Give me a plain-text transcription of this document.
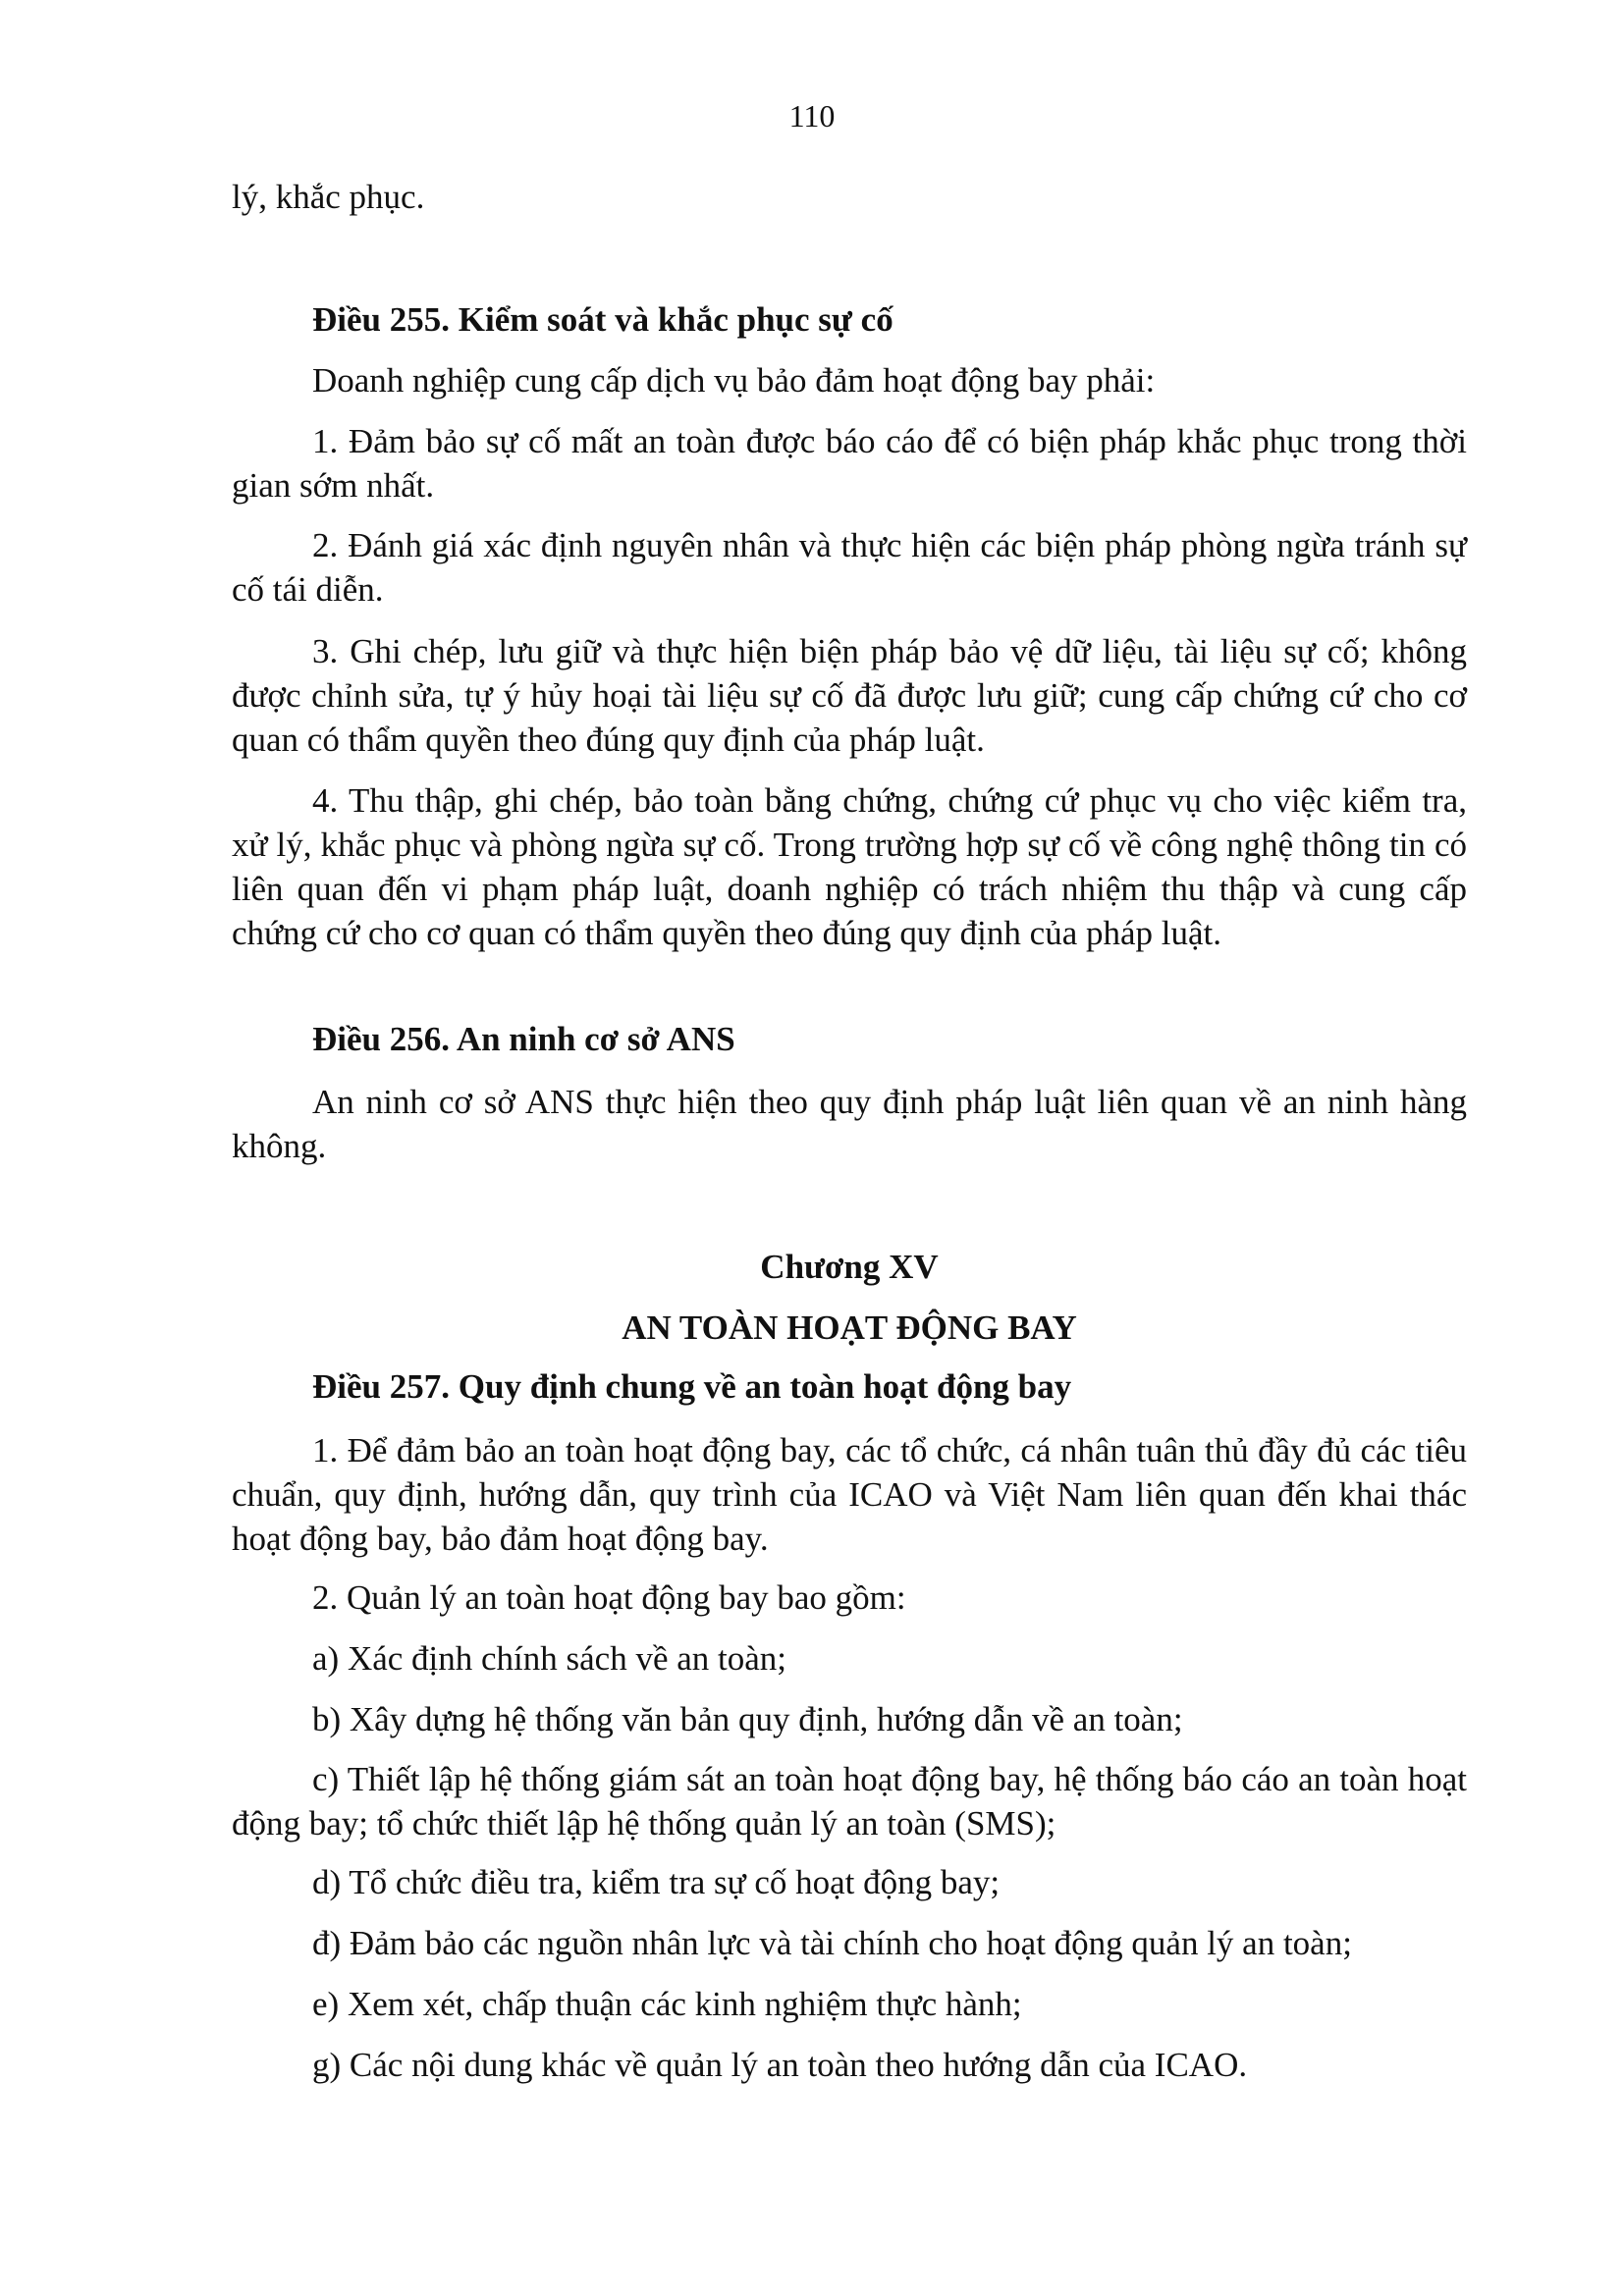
110

lý, khắc phục.

Điều 255. Kiểm soát và khắc phục sự cố

Doanh nghiệp cung cấp dịch vụ bảo đảm hoạt động bay phải:

1. Đảm bảo sự cố mất an toàn được báo cáo để có biện pháp khắc phục trong thời gian sớm nhất.

2. Đánh giá xác định nguyên nhân và thực hiện các biện pháp phòng ngừa tránh sự cố tái diễn.

3. Ghi chép, lưu giữ và thực hiện biện pháp bảo vệ dữ liệu, tài liệu sự cố; không được chỉnh sửa, tự ý hủy hoại tài liệu sự cố đã được lưu giữ; cung cấp chứng cứ cho cơ quan có thẩm quyền theo đúng quy định của pháp luật.

4. Thu thập, ghi chép, bảo toàn bằng chứng, chứng cứ phục vụ cho việc kiểm tra, xử lý, khắc phục và phòng ngừa sự cố. Trong trường hợp sự cố về công nghệ thông tin có liên quan đến vi phạm pháp luật, doanh nghiệp có trách nhiệm thu thập và cung cấp chứng cứ cho cơ quan có thẩm quyền theo đúng quy định của pháp luật.

Điều 256. An ninh cơ sở ANS

An ninh cơ sở ANS thực hiện theo quy định pháp luật liên quan về an ninh hàng không.

Chương XV

AN TOÀN HOẠT ĐỘNG BAY

Điều 257. Quy định chung về an toàn hoạt động bay

1. Để đảm bảo an toàn hoạt động bay, các tổ chức, cá nhân tuân thủ đầy đủ các tiêu chuẩn, quy định, hướng dẫn, quy trình của ICAO và Việt Nam liên quan đến khai thác hoạt động bay, bảo đảm hoạt động bay.

2. Quản lý an toàn hoạt động bay bao gồm:

a) Xác định chính sách về an toàn;

b) Xây dựng hệ thống văn bản quy định, hướng dẫn về an toàn;

c) Thiết lập hệ thống giám sát an toàn hoạt động bay, hệ thống báo cáo an toàn hoạt động bay; tổ chức thiết lập hệ thống quản lý an toàn (SMS);

d) Tổ chức điều tra, kiểm tra sự cố hoạt động bay;

đ) Đảm bảo các nguồn nhân lực và tài chính cho hoạt động quản lý an toàn;

e) Xem xét, chấp thuận các kinh nghiệm thực hành;

g) Các nội dung khác về quản lý an toàn theo hướng dẫn của ICAO.
